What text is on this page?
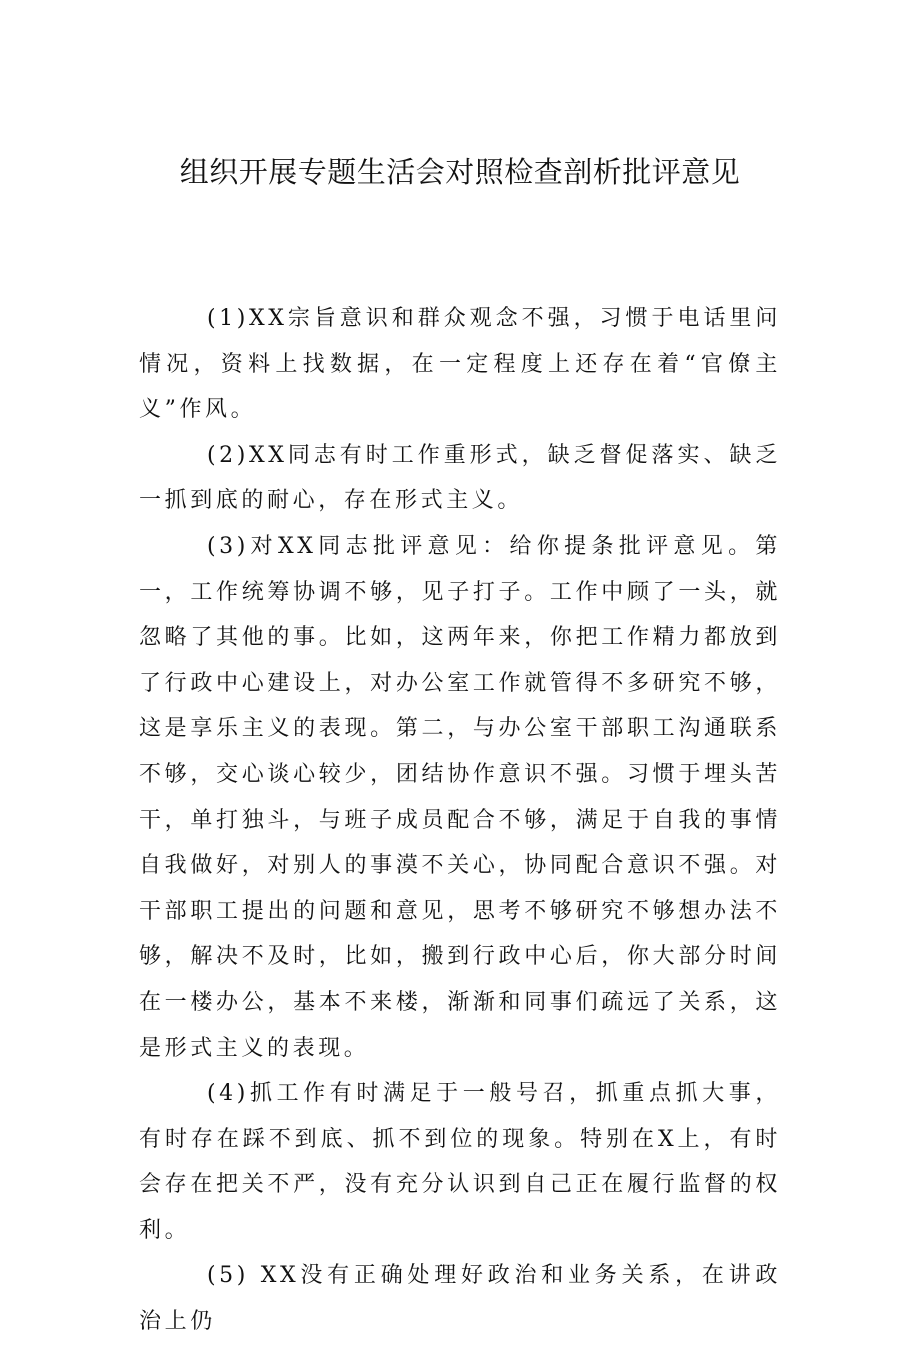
组织开展专题生活会对照检查剖析批评意见

(1)XX宗旨意识和群众观念不强，习惯于电话里问情况，资料上找数据，在一定程度上还存在着“官僚主义”作风。

(2)XX同志有时工作重形式，缺乏督促落实、缺乏一抓到底的耐心，存在形式主义。

(3)对XX同志批评意见：给你提条批评意见。第一，工作统筹协调不够，见子打子。工作中顾了一头，就忽略了其他的事。比如，这两年来，你把工作精力都放到了行政中心建设上，对办公室工作就管得不多研究不够，这是享乐主义的表现。第二，与办公室干部职工沟通联系不够，交心谈心较少，团结协作意识不强。习惯于埋头苦干，单打独斗，与班子成员配合不够，满足于自我的事情自我做好，对别人的事漠不关心，协同配合意识不强。对干部职工提出的问题和意见，思考不够研究不够想办法不够，解决不及时，比如，搬到行政中心后，你大部分时间在一楼办公，基本不来楼，渐渐和同事们疏远了关系，这是形式主义的表现。

(4)抓工作有时满足于一般号召，抓重点抓大事，有时存在踩不到底、抓不到位的现象。特别在X上，有时会存在把关不严，没有充分认识到自己正在履行监督的权利。

(5) XX没有正确处理好政治和业务关系，在讲政治上仍
